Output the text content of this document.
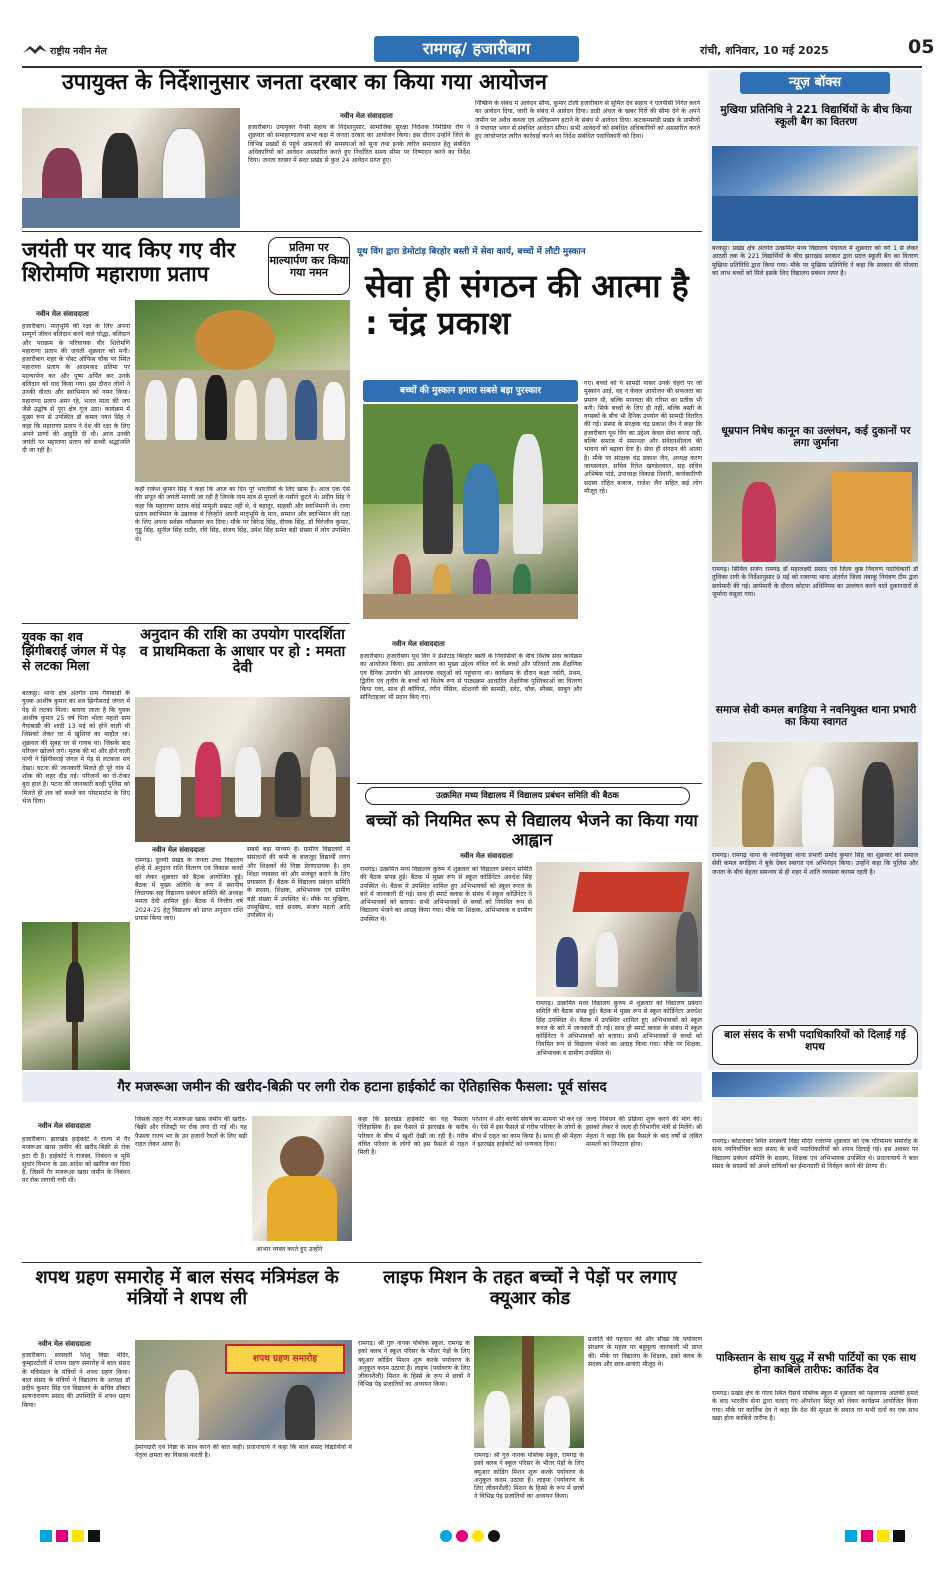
राष्ट्रीय नवीन मेल	रामगढ़/ हजारीबाग	रांची, शनिवार, 10 मई 2025	05
उपायुक्त के निर्देशानुसार जनता दरबार का किया गया आयोजन
नवीन मेल संवाददाता
हजारीबाग। उपायुक्त नैन्सी सहाय के निर्देशानुसार, सामाजिक सुरक्षा निदेशक निर्मेडिया रॉय ने शुक्रवार को समाहरणालय सभा कक्ष में जनता दरबार का आयोजन किया। इस दौरान उन्होंने जिले के विभिन्न प्रखंडों से पहुंचे आमजनों की समस्याओं को सुना तथा इनके त्वरित समाधान हेतु संबंधित अधिकारियों को आवेदन अग्रसारित करते हुए निर्धारित समय सीमा पर निष्पादन करने का निर्देश दिया। जनता दरबार में सदर प्रखंड से कुल 24 आवेदन प्राप्त हुए।
निष्क्रिय के संबंध में आवेदन सौंपा, कुमार टोली हजारीबाग से सुमित देव सहाय ने एलपीसी निर्गत करने का आवेदन दिया, जारी के संबंध में आवेदन दिया। डाडी अंचल के खबर गिरी की सीमा देने के अपने जमीन पर अवैध कब्जा एवं अतिक्रमण हटाने के संबंध में आवेदन दिया। कटकमसांडी प्रखंड के ग्रामीणों ने पंचायत भवन से संबंधित आवेदन सौंपा। सभी आवेदनों को संबंधित अधिकारियों को अग्रसारित करते हुए जांचोपरांत त्वरित कार्रवाई करने का निर्देश संबंधित पदाधिकारी को दिया।
जयंती पर याद किए गए वीर शिरोमणि महाराणा प्रताप
प्रतिमा पर माल्यार्पण कर किया गया नमन
नवीन मेल संवाददाता
हजारीबाग। मातृभूमि की रक्षा के लिए अपना सम्पूर्ण जीवन बलिदान करने वाले योद्धा, बलिदान और पराक्रम के परिचायक वीर शिरोमणि महाराणा प्रताप की जयंती शुक्रवार को मनी। हजारीबाग शहर के पोस्ट ऑफिस चौक पर स्थित महाराणा प्रताप के आदमकद प्रतिमा पर माल्यार्पण कर और पुष्प अर्पित कर उनके बलिदान को याद किया गया। इस दौरान लोगों ने उनकी वीरता और स्वाभिमान को नमन किया। महाराणा प्रताप अमर रहे, भारत माता की जय जैसे उद्घोष से पूरा क्षेत्र गूंज उठा। कार्यक्रम में मुख्य रूप से उपस्थित डॉ कमल नयन सिंह ने कहा कि महाराणा प्रताप ने देश की रक्षा के लिए अपने प्राणों की आहुति दी थी। आज उनकी जयंती पर महाराणा प्रताप को सच्ची श्रद्धांजलि दी जा रही है।
कहीं राकेश कुमार सिंह ने कहा कि आज का दिन पूरे भारतीयों के लिए खास है। आज एक ऐसे वीर सपूत की जयंती मनायी जा रही है जिनके नाम मात्र से मुगलों के पसीने छूटते थे। प्रदीप सिंह ने कहा कि महाराणा प्रताप कोई मामूली सम्राट नहीं थे, वे बहादुर, साहसी और स्वाभिमानी थे। राणा प्रताप स्वाभिमान के उन्नायक थे जिन्होंने अपनी मातृभूमि के मान, सम्मान और स्वाभिमान की रक्षा के लिए अपना सर्वस्व न्यौछावर कर दिया। मौके पर बिरेन्द्र सिंह, दीपक सिंह, डॉ चिरंजीव कुमार, गुड्डू सिंह, सुनील सिंह राठौर, रवि सिंह, संजय सिंह, उमेश सिंह समेत बड़ी संख्या में लोग उपस्थित थे।
यूथ विंग द्वारा डेमोटांड़ बिरहोर बस्ती में सेवा कार्य, बच्चों में लौटी मुस्कान
सेवा ही संगठन की आत्मा है : चंद्र प्रकाश
बच्चों की मुस्कान हमारा सबसे बड़ा पुरस्कार
गए। बच्चों को ये सामग्री पाकर उनके चेहरों पर जो मुस्कान आई, वह न केवल आयोजन की सफलता का प्रमाण थी, बल्कि मानवता की गरिमा का प्रतीक भी बनी। सिर्फ बच्चों के लिए ही नहीं, बल्कि बस्ती के वयस्कों के बीच भी दैनिक उपयोग की सामग्री वितरित की गई। संस्था के संरक्षक चंद्र प्रकाश जैन ने कहा कि हजारीबाग यूथ विंग का उद्देश्य केवल सेवा करना नहीं, बल्कि समाज में समानता और संवेदनशीलता की भावना को बढ़ावा देना है। सेवा ही संगठन की आत्मा है। मौके पर संरक्षक चंद्र प्रकाश जैन, अध्यक्ष करण जायसवाल, सचिव रितेश खण्डेलवाल, सह सचिव अभिषेक पांडे, उपाध्यक्ष विकास तिवारी, कार्यकारिणी सदस्य रोहित बजाज, राजेश जैन सहित कई लोग मौजूद रहे।
नवीन मेल संवाददाता
हजारीबाग। हजारीबाग यूथ विंग ने डेमोटांड़ बिरहोर बस्ती के निवासियों के बीच विशेष सेवा कार्यक्रम का आयोजन किया। इस आयोजन का मुख्य उद्देश्य वंचित वर्ग के बच्चों और परिवारों तक शैक्षणिक एवं दैनिक उपयोग की आवश्यक वस्तुओं को पहुंचाना था। कार्यक्रम के दौरान कक्षा नर्सरी, प्रथम, द्वितीय एवं तृतीय के बच्चों को विशेष रूप से पाठ्यक्रम आधारित शैक्षणिक पुस्तिकाओं का वितरण किया गया, साथ ही कॉपियां, रंगीन पेंसिल, स्टेशनरी की सामग्री, स्लेट, चॉक, स्नैक्स, साबुन और सॉनिटाइजर भी प्रदान किए गए।
युवक का शव झिंगीबराई जंगल में पेड़ से लटका मिला
बरकट्ठा। थाना क्षेत्र अंतर्गत ग्राम गैयाबाडी के युवक आशीष कुमार का शव झिंगीबराई जंगल में पेड़ से लटका मिला। बताया जाता है कि युवक आशीष कुमार 25 वर्ष पिता भोला महतो ग्राम गैयाबाडी की शादी 13 मई को होने वाली थी जिसको लेकर घर में खुशियां का माहौल था। शुक्रवार की सुबह घर से गायब था। जिसके बाद परिजन खोजने लगे। मृतक की मां और होने वाली पत्नी ने झिंगीबराई जंगल में पेड़ से लटकता शव देखा। घटना की जानकारी मिलते ही पूरे गांव में शोक की लहर दौड़ गई। परिजनों का रो-रोकर बुरा हाल है। पटना की जानकारी बरही पुलिस को मिलते ही शव को कब्जे कर पोस्टमार्टम के लिए भेज दिया।
अनुदान की राशि का उपयोग पारदर्शिता व प्राथमिकता के आधार पर हो : ममता देवी
नवीन मेल संवाददाता
रामगढ़। दुलमी प्रखंड के जनता उच्च विद्यालय होन्हे में अनुदान राशि वितरण एवं विकास कार्यों को लेकर शुक्रवार को बैठक आयोजित हुई। बैठक में मुख्य अतिथि के रूप में स्थानीय विधायक सह विद्यालय प्रबंधन समिति की अध्यक्ष ममता देवी शामिल हुई। बैठक में वित्तीय वर्ष 2024-25 हेतु विद्यालय को प्राप्त अनुदान राशि प्रयास किया जाए।
सबसे बड़ा माध्यम है। ग्रामीण विद्यालयों में संसाधनों की कमी के बावजूद विद्यार्थी लगन और शिक्षकों की निष्ठा प्रेरणादायक है। हम शिक्षा व्यवस्था को और मजबूत बनाने के लिए प्रयासरत हैं। बैठक में विद्यालय प्रबंधन समिति के सदस्य, शिक्षक, अभिभावक एवं ग्रामीण बड़ी संख्या में उपस्थित थे। मौके पर मुखिया, उपमुखिया, वार्ड सदस्य, संजय महतो आदि उपस्थित थे।
उत्क्रमित मध्य विद्यालय में विद्यालय प्रबंधन समिति की बैठक
बच्चों को नियमित रूप से विद्यालय भेजने का किया गया आह्वान
नवीन मेल संवाददाता
रामगढ़। उत्क्रमित मध्य विद्यालय कुरुम में शुक्रवार को विद्यालय प्रबंधन समिति की बैठक संपन्न हुई। बैठक में मुख्य रूप से स्कूल कोर्डिनेटर अवधेश सिंह उपस्थित थे। बैठक में उपस्थित शामिल हुए अभिभावकों को स्कूल रूरल के बारे में जानकारी दी गई। साथ ही स्मार्ट क्लास के संबंध में स्कूल कोर्डिनेटर ने अभिभावकों को बताया। सभी अभिभावकों से बच्चों को नियमित रूप से विद्यालय भेजने का आग्रह किया गया। मौके पर शिक्षक, अभिभावक व ग्रामीण उपस्थित थे।
रामगढ़। उत्क्रमित मध्य विद्यालय कुरुम में शुक्रवार को विद्यालय प्रबंधन समिति की बैठक संपन्न हुई। बैठक में मुख्य रूप से स्कूल कोर्डिनेटर अवधेश सिंह उपस्थित थे। बैठक में उपस्थित शामिल हुए अभिभावकों को स्कूल रूरल के बारे में जानकारी दी गई। साथ ही स्मार्ट क्लास के संबंध में स्कूल कोर्डिनेटर ने अभिभावकों को बताया। सभी अभिभावकों से बच्चों को नियमित रूप से विद्यालय भेजने का आग्रह किया गया। मौके पर शिक्षक, अभिभावक व ग्रामीण उपस्थित थे।
न्यूज़ बॉक्स
मुखिया प्रतिनिधि ने 221 विद्यार्थियों के बीच किया स्कूली बैग का वितरण
बरकट्ठा। प्रखंड क्षेत्र अंतर्गत उत्क्रमित मध्य विद्यालय पंचायत में शुक्रवार को वर्ग 1 से लेकर आठवीं तक के 221 विद्यार्थियों के बीच झारखंड सरकार द्वारा प्रदत्त स्कूली बैग का वितरण मुखिया प्रतिनिधि द्वारा किया गया। मौके पर मुखिया प्रतिनिधि ने कहा कि सरकार की योजना का लाभ बच्चों को मिले इसके लिए विद्यालय प्रबंधन तत्पर है।
धूम्रपान निषेध कानून का उल्लंघन, कई दुकानों पर लगा जुर्माना
रामगढ़। सिविल सर्जन रामगढ़ डॉ महालक्ष्मी प्रसाद एवं जिला कुष्ठ निवारण पदाधिकारी डॉ तुलिका रानी के निर्देशानुसार 9 मई को रजरप्पा थाना अंतर्गत जिला तंबाकू नियंत्रण टीम द्वारा छापेमारी की गई। छापेमारी के दौरान कोटपा अधिनियम का उल्लंघन करने वाले दुकानदारों से जुर्माना वसूला गया।
समाज सेवी कमल बगड़िया ने नवनियुक्त थाना प्रभारी का किया स्वागत
रामगढ़। रामगढ़ थाना के नवनियुक्त थाना प्रभारी प्रमोद कुमार सिंह का शुक्रवार को समाज सेवी कमल बगड़िया ने बुके देकर स्वागत एवं अभिनंदन किया। उन्होंने कहा कि पुलिस और जनता के बीच बेहतर समन्वय से ही शहर में शांति व्यवस्था कायम रहती है।
बाल संसद के सभी पदाधिकारियों को दिलाई गई शपथ
गैर मजरूआ जमीन की खरीद-बिक्री पर लगी रोक हटाना हाईकोर्ट का ऐतिहासिक फैसला: पूर्व सांसद
नवीन मेल संवाददाता
हजारीबाग। झारखंड हाईकोर्ट ने राज्य में गैर मजरूआ खास जमीन की खरीद-बिक्री से रोक हटा दी है। हाईकोर्ट ने राजस्व, निबंधन व भूमि सुधार विभाग के उस आदेश को खारिज कर दिया है, जिसमें गैर मजरूआ खास जमीन के निबंधन पर रोक लगायी गयी थी।
जिसके तहत गैर मजरूआ खास जमीन की खरीद-बिक्री और रजिस्ट्री पर रोक लगा दी गई थी। यह फैसला राज्य भर के उन हजारों रैयतों के लिए बड़ी राहत लेकर आया है।
आभार व्यक्त करते हुए उन्होंने
कहा कि झारखंड हाईकोर्ट का यह फैसला ऐतिहासिक है। इस फैसले से झारखंड के करीब परिवार के बीच में खुशी देखी जा रही है। गरीब वंचित परिवार के लोगों को इस फैसले से राहत मिली है।
परेशान थे और काफी संघर्ष का सामना भी कर रहे थे। ऐसे में इस फैसले से गरीब परिवार के लोगों के बीच में राहत का काम किया है। साथ ही श्री मेहता ने झारखंड हाईकोर्ट को धन्यवाद दिया।
जल्द निबंधन की प्रक्रिया शुरू करने की मांग की। इसको लेकर वे जल्द ही विभागीय मंत्री से मिलेंगे। श्री मेहता ने कहा कि इस फैसले के बाद वर्षों से लंबित मामलों का निपटारा होगा।	रामगढ़। कोठारवार स्थित सरस्वती विद्या मंदिर रजरप्पा शुक्रवार को एक गरिमामय समारोह के साथ नवनिर्वाचित बाल संसद के सभी पदाधिकारियों को शपथ दिलाई गई। इस अवसर पर विद्यालय प्रबंधन समिति के सदस्य, शिक्षक एवं अभिभावक उपस्थित थे। प्रधानाचार्य ने बाल संसद के सदस्यों को अपने दायित्वों का ईमानदारी से निर्वहन करने की प्रेरणा दी।
पाकिस्तान के साथ युद्ध में सभी पार्टियों का एक साथ होना काबिले तारीफ: कार्तिक देव
रामगढ़। प्रखंड क्षेत्र के गोला स्थित रीसर्च पब्लिक स्कूल में शुक्रवार को पहलगाम आतंकी हमले के बाद भारतीय सेना द्वारा चलाए गए ऑपरेशन सिंदूर को लेकर कार्यक्रम आयोजित किया गया। मौके पर कार्तिक देव ने कहा कि देश की सुरक्षा के सवाल पर सभी दलों का एक साथ खड़ा होना काबिले तारीफ है।
शपथ ग्रहण समारोह में बाल संसद मंत्रिमंडल के मंत्रियों ने शपथ ली
नवीन मेल संवाददाता
हजारीबाग। सरस्वती शिशु विद्या मंदिर, कुम्हारटोली में शपथ ग्रहण समारोह में बाल संसद के मंत्रिमंडल के मंत्रियों ने शपथ ग्रहण किया। बाल संसद के मंत्रियों ने विद्यालय के अध्यक्ष डॉ प्रदीप कुमार सिंह एवं विद्यालय के सचिव डॉक्टर सत्यनारायण प्रसाद की उपस्थिति में शपथ ग्रहण किया।
शपथ ग्रहण समारोह
ईमानदारी एवं निष्ठा के साथ करने की बात कही। प्रधानाचार्य ने कहा कि बाल संसद विद्यार्थियों में नेतृत्व क्षमता का विकास करती है।
लाइफ मिशन के तहत बच्चों ने पेड़ों पर लगाए क्यूआर कोड
रामगढ़। श्री गुरु नानक पब्लिक स्कूल, रामगढ़ के इको क्लब ने स्कूल परिसर के भीतर पेड़ों के लिए क्यूआर कोडिंग मिशन शुरू करके पर्यावरण के अनुकूल कदम उठाया है। लाइफ (पर्यावरण के लिए जीवनशैली) मिशन के हिस्से के रूप में छात्रों ने विभिन्न पेड़ प्रजातियों का अध्ययन किया।
रामगढ़। श्री गुरु नानक पब्लिक स्कूल, रामगढ़ के इको क्लब ने स्कूल परिसर के भीतर पेड़ों के लिए क्यूआर कोडिंग मिशन शुरू करके पर्यावरण के अनुकूल कदम उठाया है। लाइफ (पर्यावरण के लिए जीवनशैली) मिशन के हिस्से के रूप में छात्रों ने विभिन्न पेड़ प्रजातियों का अध्ययन किया।
प्रजाति की पहचान की और सीखा कि पर्यावरण संरक्षण के महत्व पर बहुमूल्य जानकारी भी प्राप्त की। मौके पर विद्यालय के शिक्षक, इको क्लब के सदस्य और छात्र-छात्राएं मौजूद थे।
